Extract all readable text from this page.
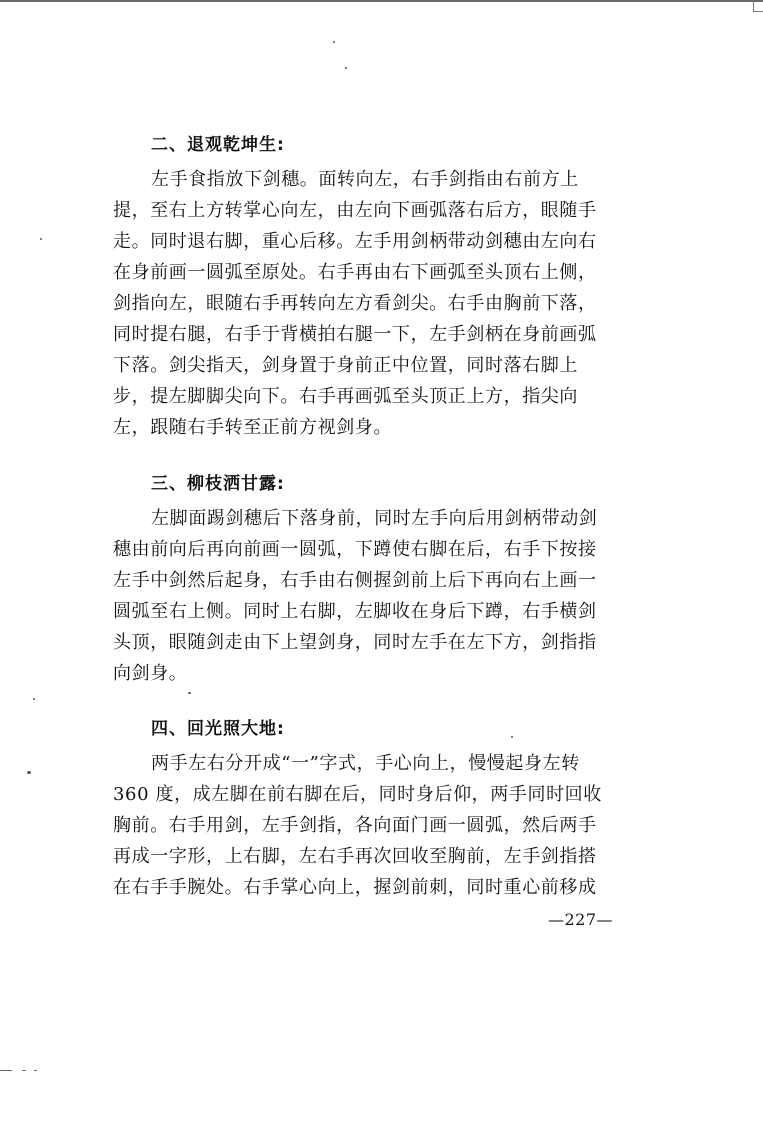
二、退观乾坤生:
左手食指放下剑穗。面转向左，右手剑指由右前方上
提，至右上方转掌心向左，由左向下画弧落右后方，眼随手
走。同时退右脚，重心后移。左手用剑柄带动剑穗由左向右
在身前画一圆弧至原处。右手再由右下画弧至头顶右上侧，
剑指向左，眼随右手再转向左方看剑尖。右手由胸前下落，
同时提右腿，右手于背横拍右腿一下，左手剑柄在身前画弧
下落。剑尖指天，剑身置于身前正中位置，同时落右脚上
步，提左脚脚尖向下。右手再画弧至头顶正上方，指尖向
左，跟随右手转至正前方视剑身。
三、柳枝洒甘露:
左脚面踢剑穗后下落身前，同时左手向后用剑柄带动剑
穗由前向后再向前画一圆弧，下蹲使右脚在后，右手下按接
左手中剑然后起身，右手由右侧握剑前上后下再向右上画一
圆弧至右上侧。同时上右脚，左脚收在身后下蹲，右手横剑
头顶，眼随剑走由下上望剑身，同时左手在左下方，剑指指
向剑身。
四、回光照大地:
两手左右分开成“一”字式，手心向上，慢慢起身左转
360 度，成左脚在前右脚在后，同时身后仰，两手同时回收
胸前。右手用剑，左手剑指，各向面门画一圆弧，然后两手
再成一字形，上右脚，左右手再次回收至胸前，左手剑指搭
在右手手腕处。右手掌心向上，握剑前刺，同时重心前移成
—227—
